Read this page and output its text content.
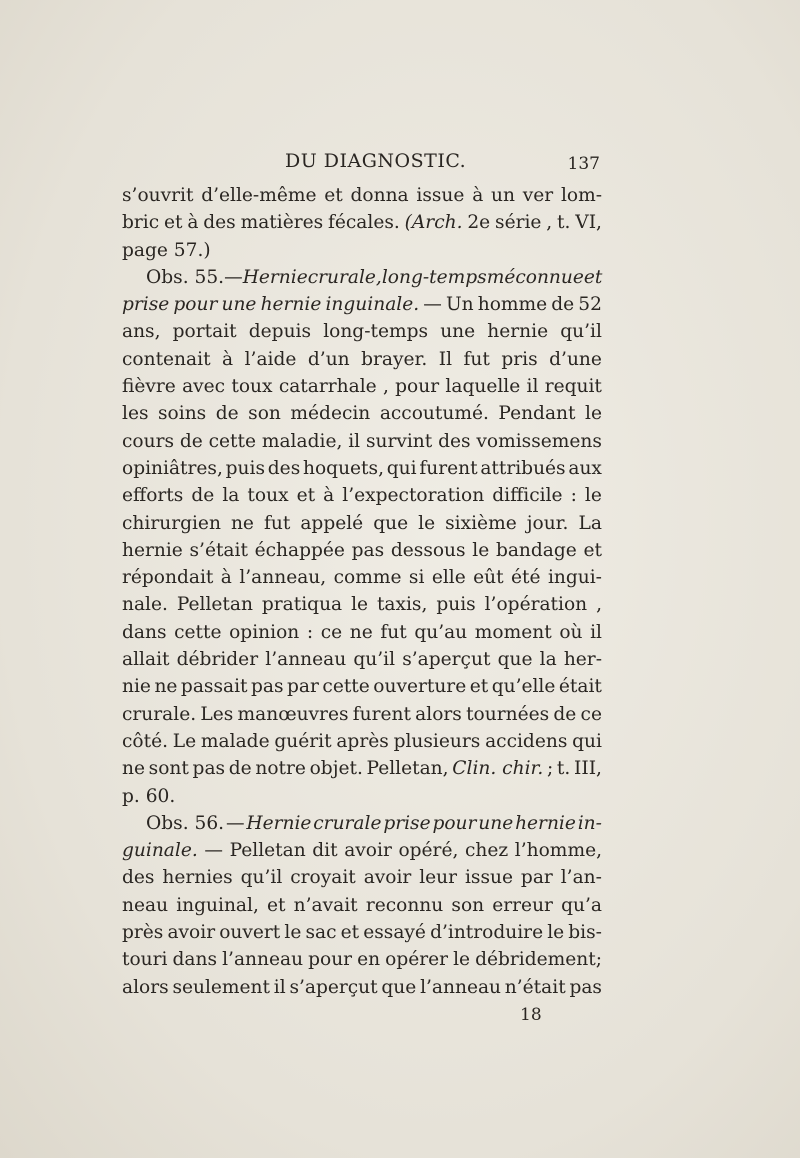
DU DIAGNOSTIC.	137
s’ouvrit d’elle-même et donna issue à un ver lom-
bric et à des matières fécales. (Arch. 2e série , t. VI,
page 57.)
Obs. 55. — Hernie crurale, long-temps méconnue et
prise pour une hernie inguinale. — Un homme de 52
ans, portait depuis long-temps une hernie qu’il
contenait à l’aide d’un brayer. Il fut pris d’une
fièvre avec toux catarrhale , pour laquelle il requit
les soins de son médecin accoutumé. Pendant le
cours de cette maladie, il survint des vomissemens
opiniâtres, puis des hoquets, qui furent attribués aux
efforts de la toux et à l’expectoration difficile : le
chirurgien ne fut appelé que le sixième jour. La
hernie s’était échappée pas dessous le bandage et
répondait à l’anneau, comme si elle eût été ingui-
nale. Pelletan pratiqua le taxis, puis l’opération ,
dans cette opinion : ce ne fut qu’au moment où il
allait débrider l’anneau qu’il s’aperçut que la her-
nie ne passait pas par cette ouverture et qu’elle était
crurale. Les manœuvres furent alors tournées de ce
côté. Le malade guérit après plusieurs accidens qui
ne sont pas de notre objet. Pelletan, Clin. chir. ; t. III,
p. 60.
Obs. 56. — Hernie crurale prise pour une hernie in-
guinale. — Pelletan dit avoir opéré, chez l’homme,
des hernies qu’il croyait avoir leur issue par l’an-
neau inguinal, et n’avait reconnu son erreur qu’a
près avoir ouvert le sac et essayé d’introduire le bis-
touri dans l’anneau pour en opérer le débridement;
alors seulement il s’aperçut que l’anneau n’était pas
18
